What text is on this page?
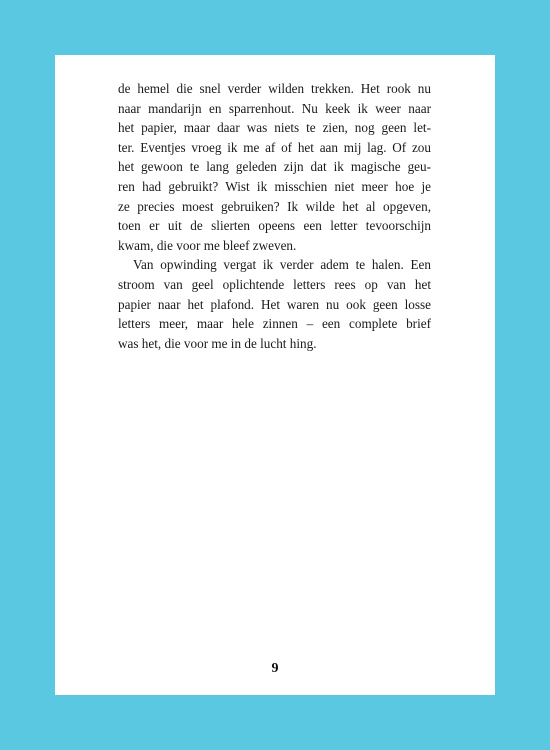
de hemel die snel verder wilden trekken. Het rook nu
naar mandarijn en sparrenhout. Nu keek ik weer naar
het papier, maar daar was niets te zien, nog geen let-
ter. Eventjes vroeg ik me af of het aan mij lag. Of zou
het gewoon te lang geleden zijn dat ik magische geu-
ren had gebruikt? Wist ik misschien niet meer hoe je
ze precies moest gebruiken? Ik wilde het al opgeven,
toen er uit de slierten opeens een letter tevoorschijn
kwam, die voor me bleef zweven.
Van opwinding vergat ik verder adem te halen. Een
stroom van geel oplichtende letters rees op van het
papier naar het plafond. Het waren nu ook geen losse
letters meer, maar hele zinnen – een complete brief
was het, die voor me in de lucht hing.
9
